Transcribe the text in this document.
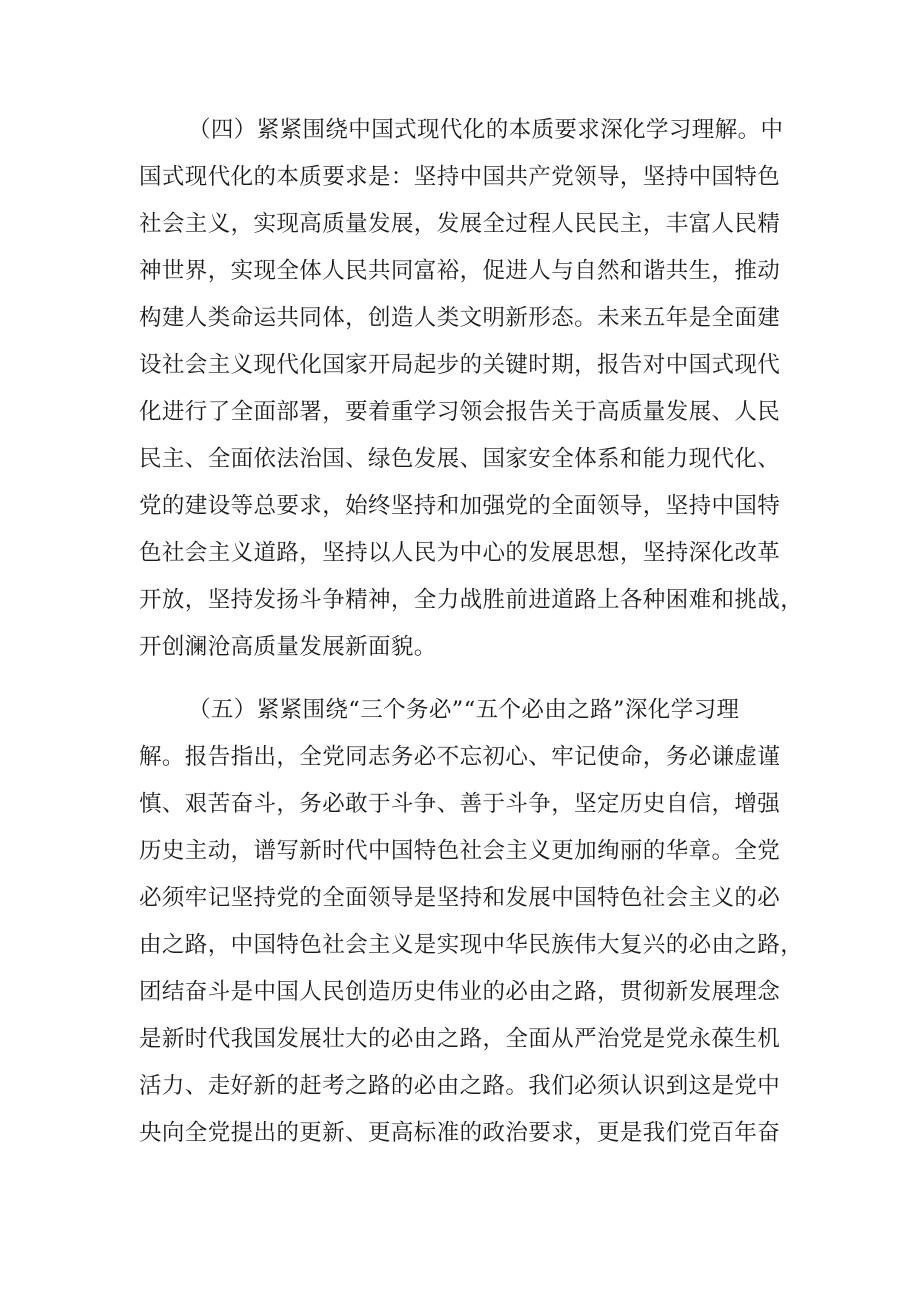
（四）紧紧围绕中国式现代化的本质要求深化学习理解。中
国式现代化的本质要求是：坚持中国共产党领导，坚持中国特色
社会主义，实现高质量发展，发展全过程人民民主，丰富人民精
神世界，实现全体人民共同富裕，促进人与自然和谐共生，推动
构建人类命运共同体，创造人类文明新形态。未来五年是全面建
设社会主义现代化国家开局起步的关键时期，报告对中国式现代
化进行了全面部署，要着重学习领会报告关于高质量发展、人民
民主、全面依法治国、绿色发展、国家安全体系和能力现代化、
党的建设等总要求，始终坚持和加强党的全面领导，坚持中国特
色社会主义道路，坚持以人民为中心的发展思想，坚持深化改革
开放，坚持发扬斗争精神，全力战胜前进道路上各种困难和挑战，
开创澜沧高质量发展新面貌。
（五）紧紧围绕“三个务必”“五个必由之路”深化学习理
解。报告指出，全党同志务必不忘初心、牢记使命，务必谦虚谨
慎、艰苦奋斗，务必敢于斗争、善于斗争，坚定历史自信，增强
历史主动，谱写新时代中国特色社会主义更加绚丽的华章。全党
必须牢记坚持党的全面领导是坚持和发展中国特色社会主义的必
由之路，中国特色社会主义是实现中华民族伟大复兴的必由之路，
团结奋斗是中国人民创造历史伟业的必由之路，贯彻新发展理念
是新时代我国发展壮大的必由之路，全面从严治党是党永葆生机
活力、走好新的赶考之路的必由之路。我们必须认识到这是党中
央向全党提出的更新、更高标准的政治要求，更是我们党百年奋
